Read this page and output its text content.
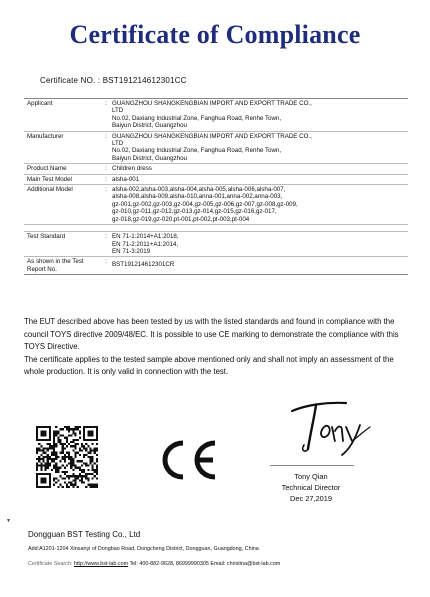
Certificate of Compliance
Certificate NO. : BST191214612301CC
Applicant	: GUANGZHOU SHANGKENGBIAN IMPORT AND EXPORT TRADE CO.,
LTD
No.02, Daxiang Industrial Zone, Fanghua Road, Renhe Town,
Baiyun District, Guangzhou
Manufacturer	: GUANGZHOU SHANGKENGBIAN IMPORT AND EXPORT TRADE CO.,
LTD
No.02, Daxiang Industrial Zone, Fanghua Road, Renhe Town,
Baiyun District, Guangzhou
Product Name	: Children dress
Main Test Model	: alsha-001
Additional Model	: alsha-002,alsha-003,alsha-004,alsha-005,alsha-006,alsha-007,
alsha-008,alsha-009,alsha-010,anna-001,anna-002,anna-003,
gz-001,gz-002,gz-003,gz-004,gz-005,gz-006,gz-007,gz-008,gz-009,
gz-010,gz-011,gz-012,gz-013,gz-014,gz-015,gz-016,gz-017,
gz-018,gz-019,gz-020,pt-001,pt-002,pt-003,pt-004
Test Standard	: EN 71-1:2014+A1:2018,
EN 71-2:2011+A1:2014,
EN 71-3:2019
As shown in the Test Report No.
: BST191214612301CR

The EUT described above has been tested by us with the listed standards and found in compliance with the council TOYS directive 2009/48/EC. It is possible to use CE marking to demonstrate the compliance with this TOYS Directive.

The certificate applies to the tested sample above mentioned only and shall not imply an assessment of the whole production. It is only valid in connection with the test.

Tony Qian
Technical Director
Dec 27,2019
▼
Dongguan BST Testing Co., Ltd
Add:A1201-1204 Xinsanyi of Dongbao Road, Dongcheng District, Dongguan, Guangdong, China
Certificate Search: http://www.bst-lab.com Tel: 400-882-9628, 86999990305 Email: christina@bst-lab.com
